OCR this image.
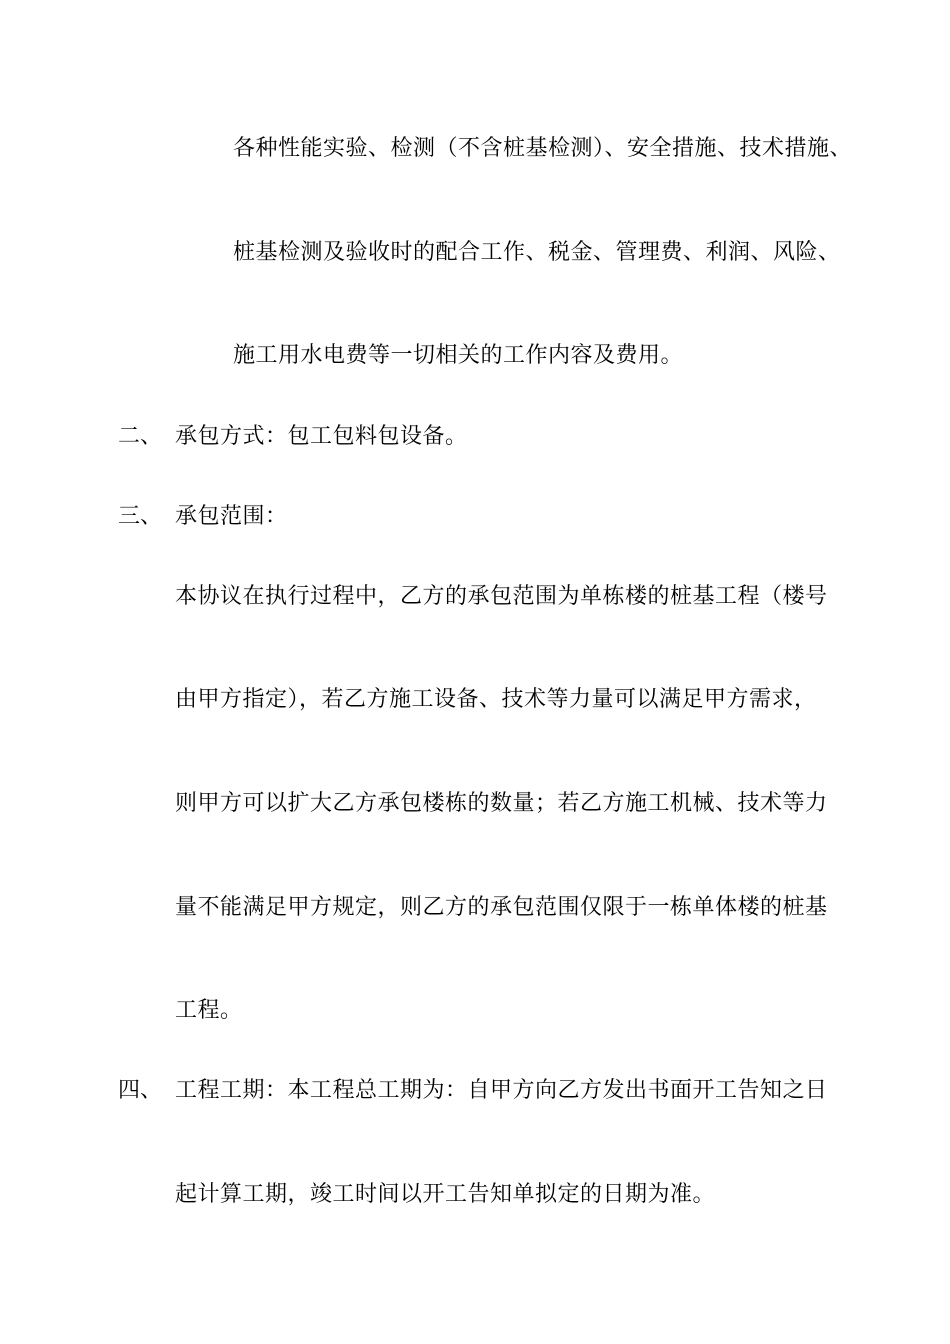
各种性能实验、检测（不含桩基检测）、安全措施、技术措施、
桩基检测及验收时的配合工作、税金、管理费、利润、风险、
施工用水电费等一切相关的工作内容及费用。
二、 承包方式：包工包料包设备。
三、 承包范围：
本协议在执行过程中，乙方的承包范围为单栋楼的桩基工程（楼号
由甲方指定），若乙方施工设备、技术等力量可以满足甲方需求，
则甲方可以扩大乙方承包楼栋的数量；若乙方施工机械、技术等力
量不能满足甲方规定，则乙方的承包范围仅限于一栋单体楼的桩基
工程。
四、 工程工期：本工程总工期为：自甲方向乙方发出书面开工告知之日
起计算工期，竣工时间以开工告知单拟定的日期为准。
